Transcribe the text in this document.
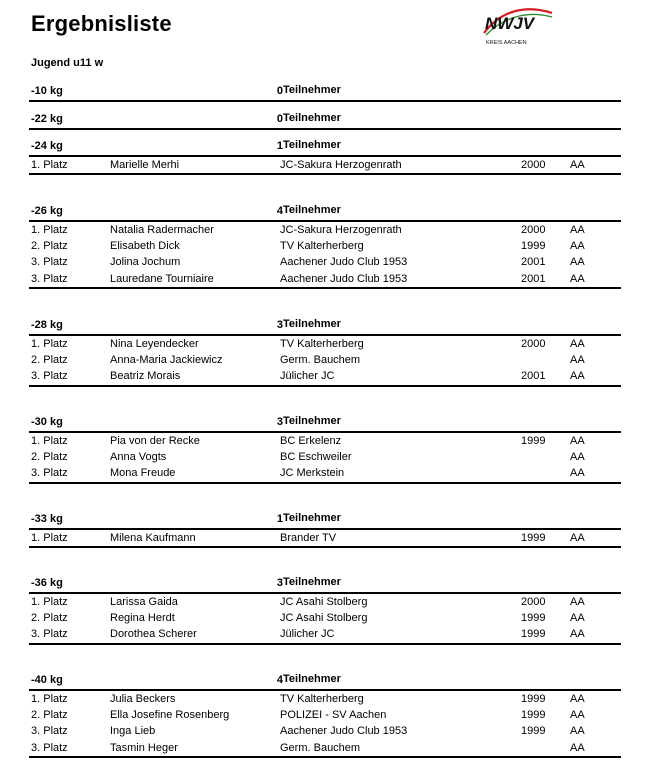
Ergebnisliste	NWJV
KREIS AACHEN
Jugend u11 w
-10 kg	0 Teilnehmer
-22 kg	0 Teilnehmer
-24 kg	1 Teilnehmer
1. Platz	Marielle Merhi	JC-Sakura Herzogenrath	2000 AA
-26 kg	4 Teilnehmer
1. Platz	Natalia Radermacher	JC-Sakura Herzogenrath	2000 AA
2. Platz	Elisabeth Dick	TV Kalterherberg	1999 AA
3. Platz	Jolina Jochum	Aachener Judo Club 1953	2001 AA
3. Platz	Lauredane Tourniaire	Aachener Judo Club 1953	2001 AA
-28 kg	3 Teilnehmer
1. Platz	Nina Leyendecker	TV Kalterherberg	2000 AA
2. Platz	Anna-Maria Jackiewicz	Germ. Bauchem	AA
3. Platz	Beatriz Morais	Jülicher JC	2001 AA
-30 kg	3 Teilnehmer
1. Platz	Pia von der Recke	BC Erkelenz	1999 AA
2. Platz	Anna Vogts	BC Eschweiler	AA
3. Platz	Mona Freude	JC Merkstein	AA
-33 kg	1 Teilnehmer
1. Platz	Milena Kaufmann	Brander TV	1999 AA
-36 kg	3 Teilnehmer
1. Platz	Larissa Gaida	JC Asahi Stolberg	2000 AA
2. Platz	Regina Herdt	JC Asahi Stolberg	1999 AA
3. Platz	Dorothea Scherer	Jülicher JC	1999 AA
-40 kg	4 Teilnehmer
1. Platz	Julia Beckers	TV Kalterherberg	1999 AA
2. Platz	Ella Josefine Rosenberg	POLIZEI - SV Aachen	1999 AA
3. Platz	Inga Lieb	Aachener Judo Club 1953	1999 AA
3. Platz	Tasmin Heger	Germ. Bauchem	AA
